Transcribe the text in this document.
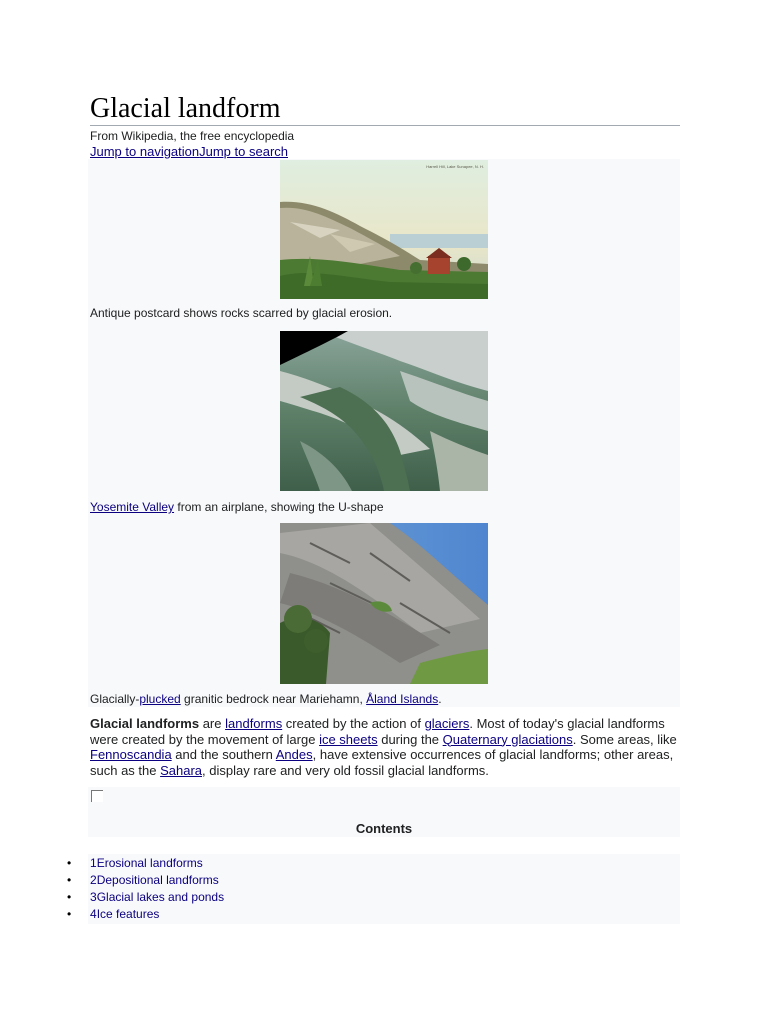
Glacial landform
From Wikipedia, the free encyclopedia
Jump to navigationJump to search
Harrell Hill, Lake Sunapee, N. H.
Antique postcard shows rocks scarred by glacial erosion.
Yosemite Valley from an airplane, showing the U-shape
Glacially-plucked granitic bedrock near Mariehamn, Åland Islands.

Glacial landforms are landforms created by the action of glaciers. Most of today's glacial landforms were created by the movement of large ice sheets during the Quaternary glaciations. Some areas, like Fennoscandia and the southern Andes, have extensive occurrences of glacial landforms; other areas, such as the Sahara, display rare and very old fossil glacial landforms.

Contents
• 1Erosional landforms
• 2Depositional landforms
• 3Glacial lakes and ponds
• 4Ice features
